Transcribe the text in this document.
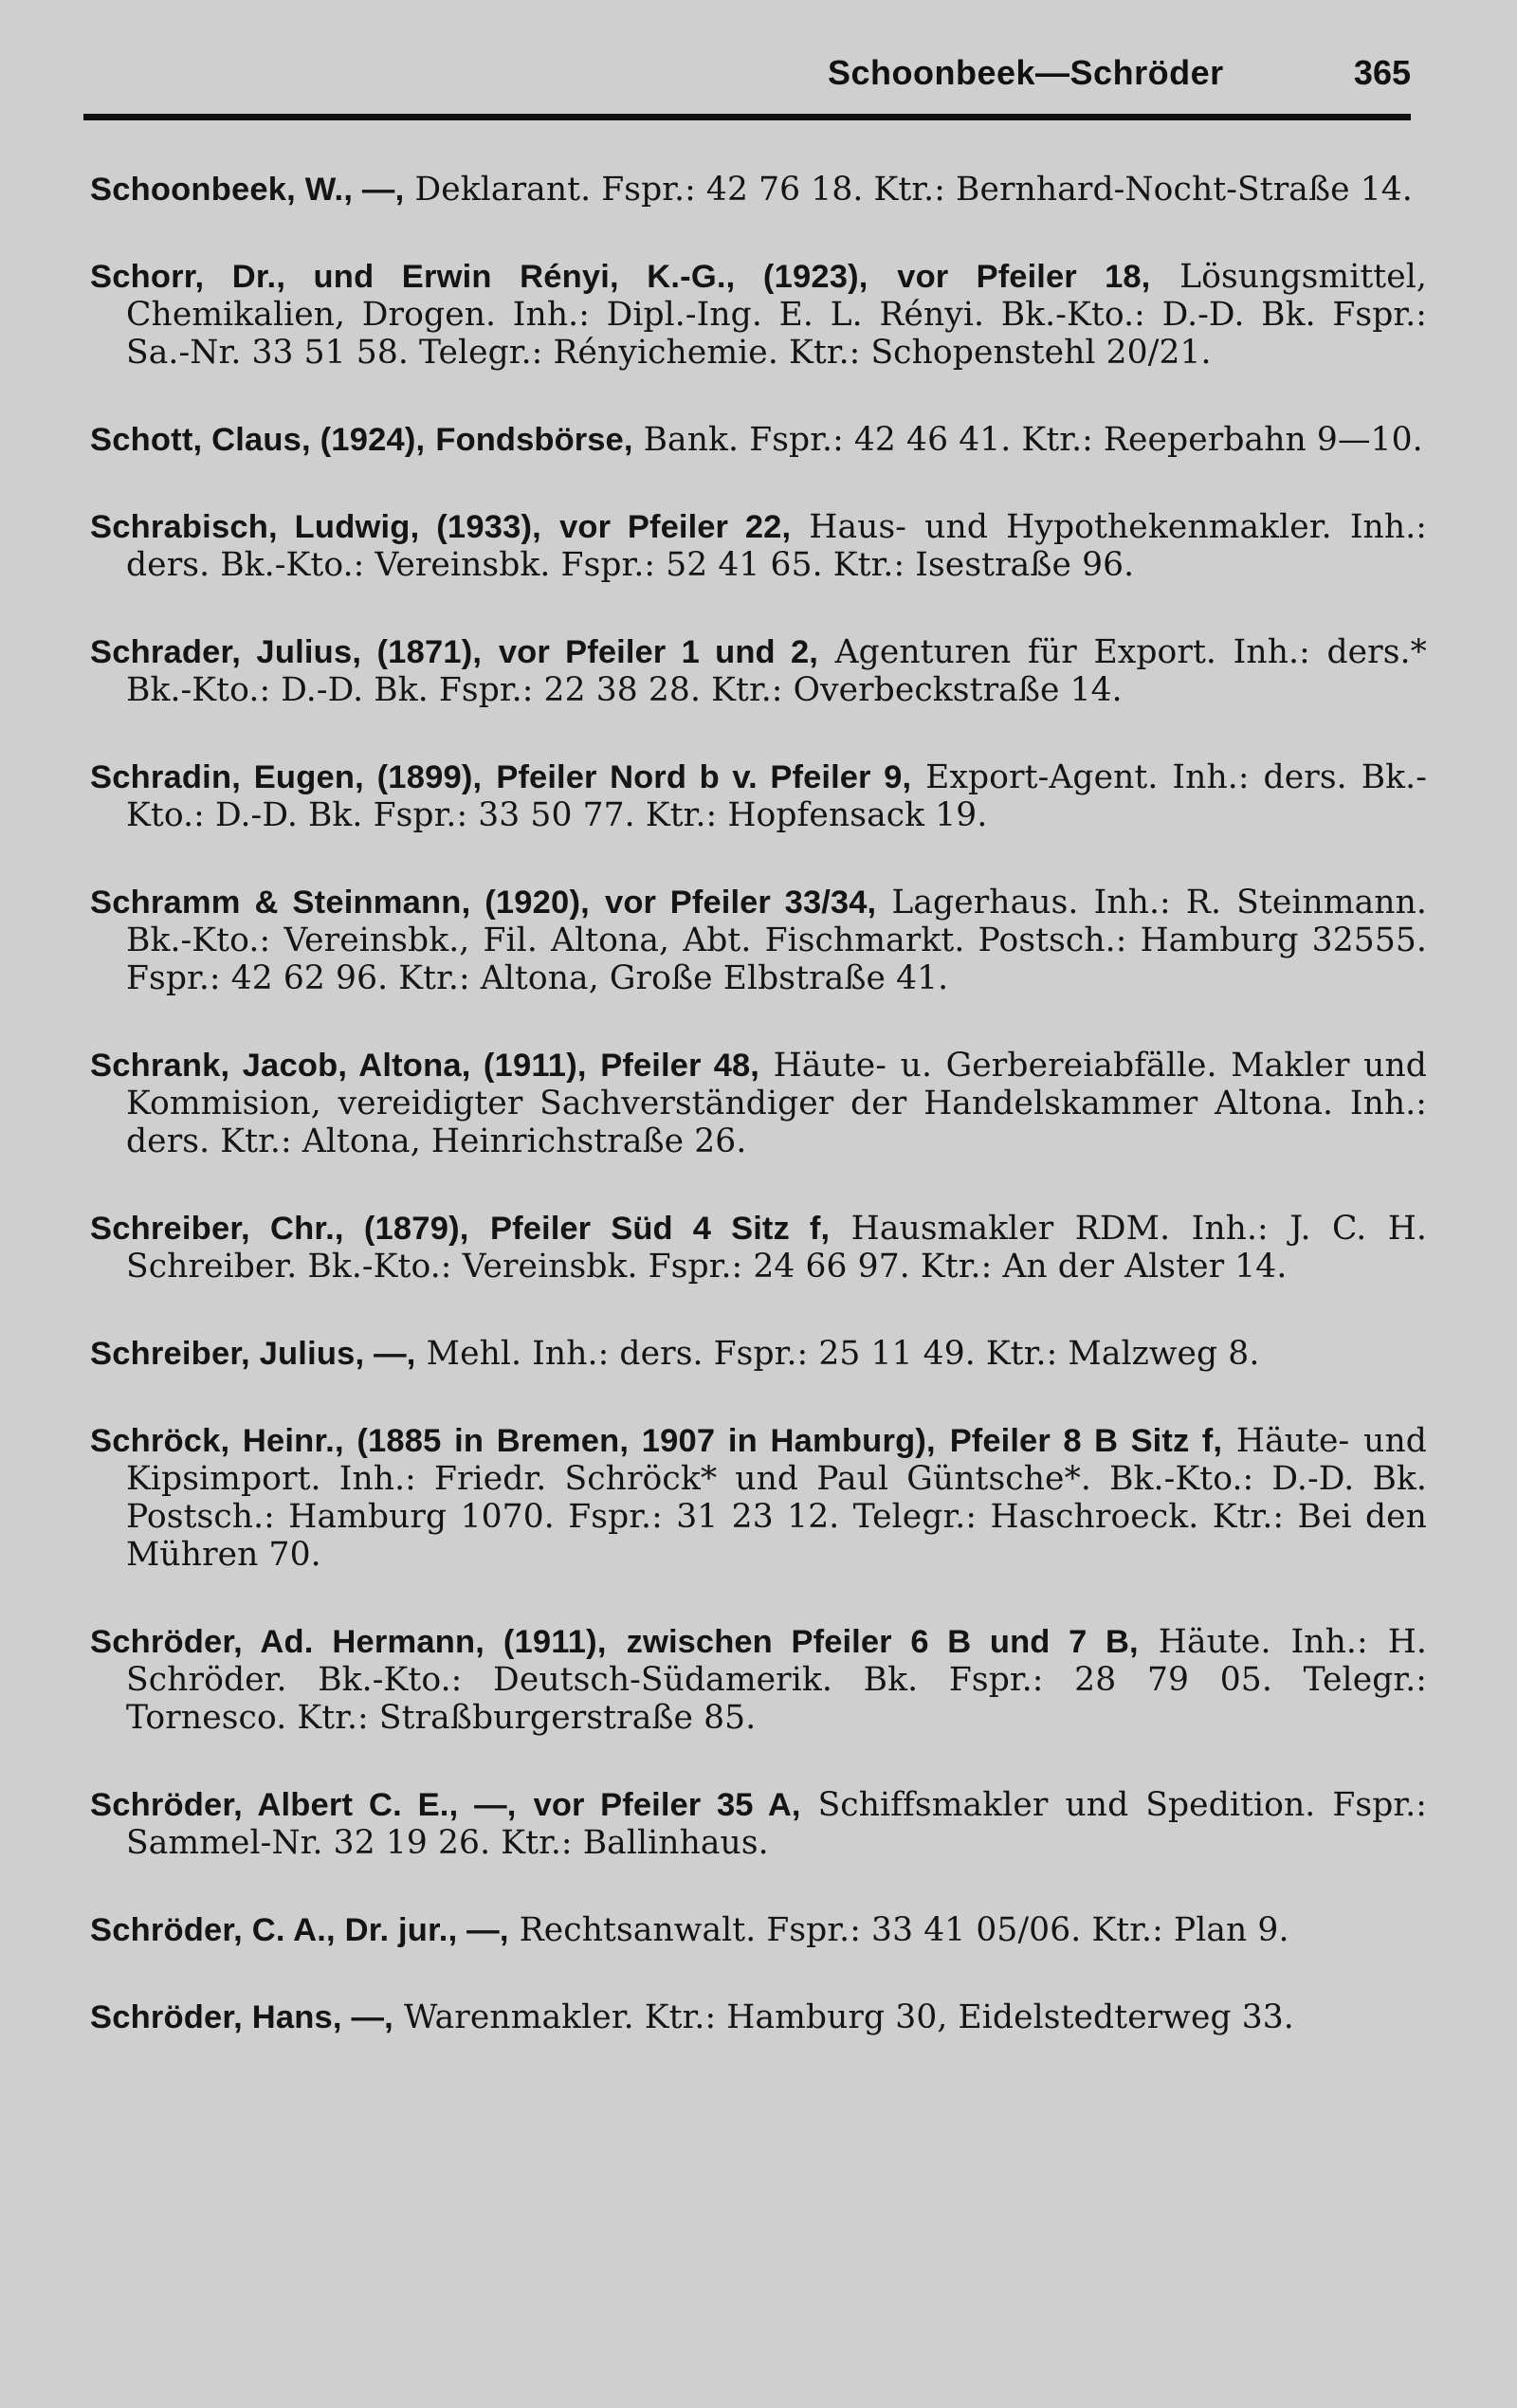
Schoonbeek—Schröder	365

Schoonbeek, W., —, Deklarant. Fspr.: 42 76 18. Ktr.: Bernhard-Nocht-Straße 14.

Schorr, Dr., und Erwin Rényi, K.-G., (1923), vor Pfeiler 18, Lösungsmittel, Chemikalien, Drogen. Inh.: Dipl.-Ing. E. L. Rényi. Bk.-Kto.: D.-D. Bk. Fspr.: Sa.-Nr. 33 51 58. Telegr.: Rényichemie. Ktr.: Schopenstehl 20/21.

Schott, Claus, (1924), Fondsbörse, Bank. Fspr.: 42 46 41. Ktr.: Reeperbahn 9—10.

Schrabisch, Ludwig, (1933), vor Pfeiler 22, Haus- und Hypothekenmakler. Inh.: ders. Bk.-Kto.: Vereinsbk. Fspr.: 52 41 65. Ktr.: Isestraße 96.

Schrader, Julius, (1871), vor Pfeiler 1 und 2, Agenturen für Export. Inh.: ders.* Bk.-Kto.: D.-D. Bk. Fspr.: 22 38 28. Ktr.: Overbeckstraße 14.

Schradin, Eugen, (1899), Pfeiler Nord b v. Pfeiler 9, Export-Agent. Inh.: ders. Bk.-Kto.: D.-D. Bk. Fspr.: 33 50 77. Ktr.: Hopfensack 19.

Schramm & Steinmann, (1920), vor Pfeiler 33/34, Lagerhaus. Inh.: R. Steinmann. Bk.-Kto.: Vereinsbk., Fil. Altona, Abt. Fischmarkt. Postsch.: Hamburg 32555. Fspr.: 42 62 96. Ktr.: Altona, Große Elbstraße 41.

Schrank, Jacob, Altona, (1911), Pfeiler 48, Häute- u. Gerbereiabfälle. Makler und Kommision, vereidigter Sachverständiger der Handelskammer Altona. Inh.: ders. Ktr.: Altona, Heinrichstraße 26.

Schreiber, Chr., (1879), Pfeiler Süd 4 Sitz f, Hausmakler RDM. Inh.: J. C. H. Schreiber. Bk.-Kto.: Vereinsbk. Fspr.: 24 66 97. Ktr.: An der Alster 14.

Schreiber, Julius, —, Mehl. Inh.: ders. Fspr.: 25 11 49. Ktr.: Malzweg 8.

Schröck, Heinr., (1885 in Bremen, 1907 in Hamburg), Pfeiler 8 B Sitz f, Häute- und Kipsimport. Inh.: Friedr. Schröck* und Paul Güntsche*. Bk.-Kto.: D.-D. Bk. Postsch.: Hamburg 1070. Fspr.: 31 23 12. Telegr.: Haschroeck. Ktr.: Bei den Mühren 70.

Schröder, Ad. Hermann, (1911), zwischen Pfeiler 6 B und 7 B, Häute. Inh.: H. Schröder. Bk.-Kto.: Deutsch-Südamerik. Bk. Fspr.: 28 79 05. Telegr.: Tornesco. Ktr.: Straßburgerstraße 85.

Schröder, Albert C. E., —, vor Pfeiler 35 A, Schiffsmakler und Spedition. Fspr.: Sammel-Nr. 32 19 26. Ktr.: Ballinhaus.

Schröder, C. A., Dr. jur., —, Rechtsanwalt. Fspr.: 33 41 05/06. Ktr.: Plan 9.

Schröder, Hans, —, Warenmakler. Ktr.: Hamburg 30, Eidelstedterweg 33.
